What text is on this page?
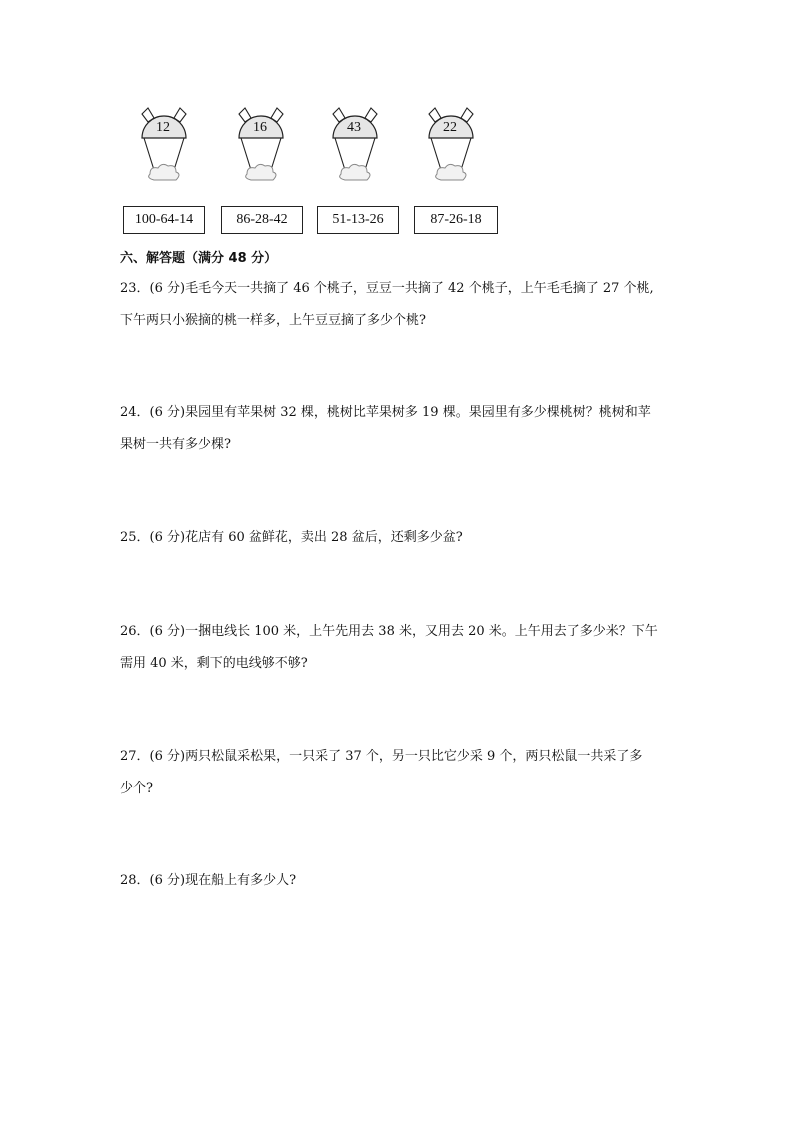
12	16	43	22
100-64-14	86-28-42	51-13-26	87-26-18
六、解答题（满分 48 分）
23．(6 分)毛毛今天一共摘了 46 个桃子，豆豆一共摘了 42 个桃子，上午毛毛摘了 27 个桃,
下午两只小猴摘的桃一样多，上午豆豆摘了多少个桃?
24．(6 分)果园里有苹果树 32 棵，桃树比苹果树多 19 棵。果园里有多少棵桃树？桃树和苹
果树一共有多少棵?
25．(6 分)花店有 60 盆鲜花，卖出 28 盆后，还剩多少盆?
26．(6 分)一捆电线长 100 米，上午先用去 38 米，又用去 20 米。上午用去了多少米？下午
需用 40 米，剩下的电线够不够?
27．(6 分)两只松鼠采松果，一只采了 37 个，另一只比它少采 9 个，两只松鼠一共采了多
少个?
28．(6 分)现在船上有多少人?
